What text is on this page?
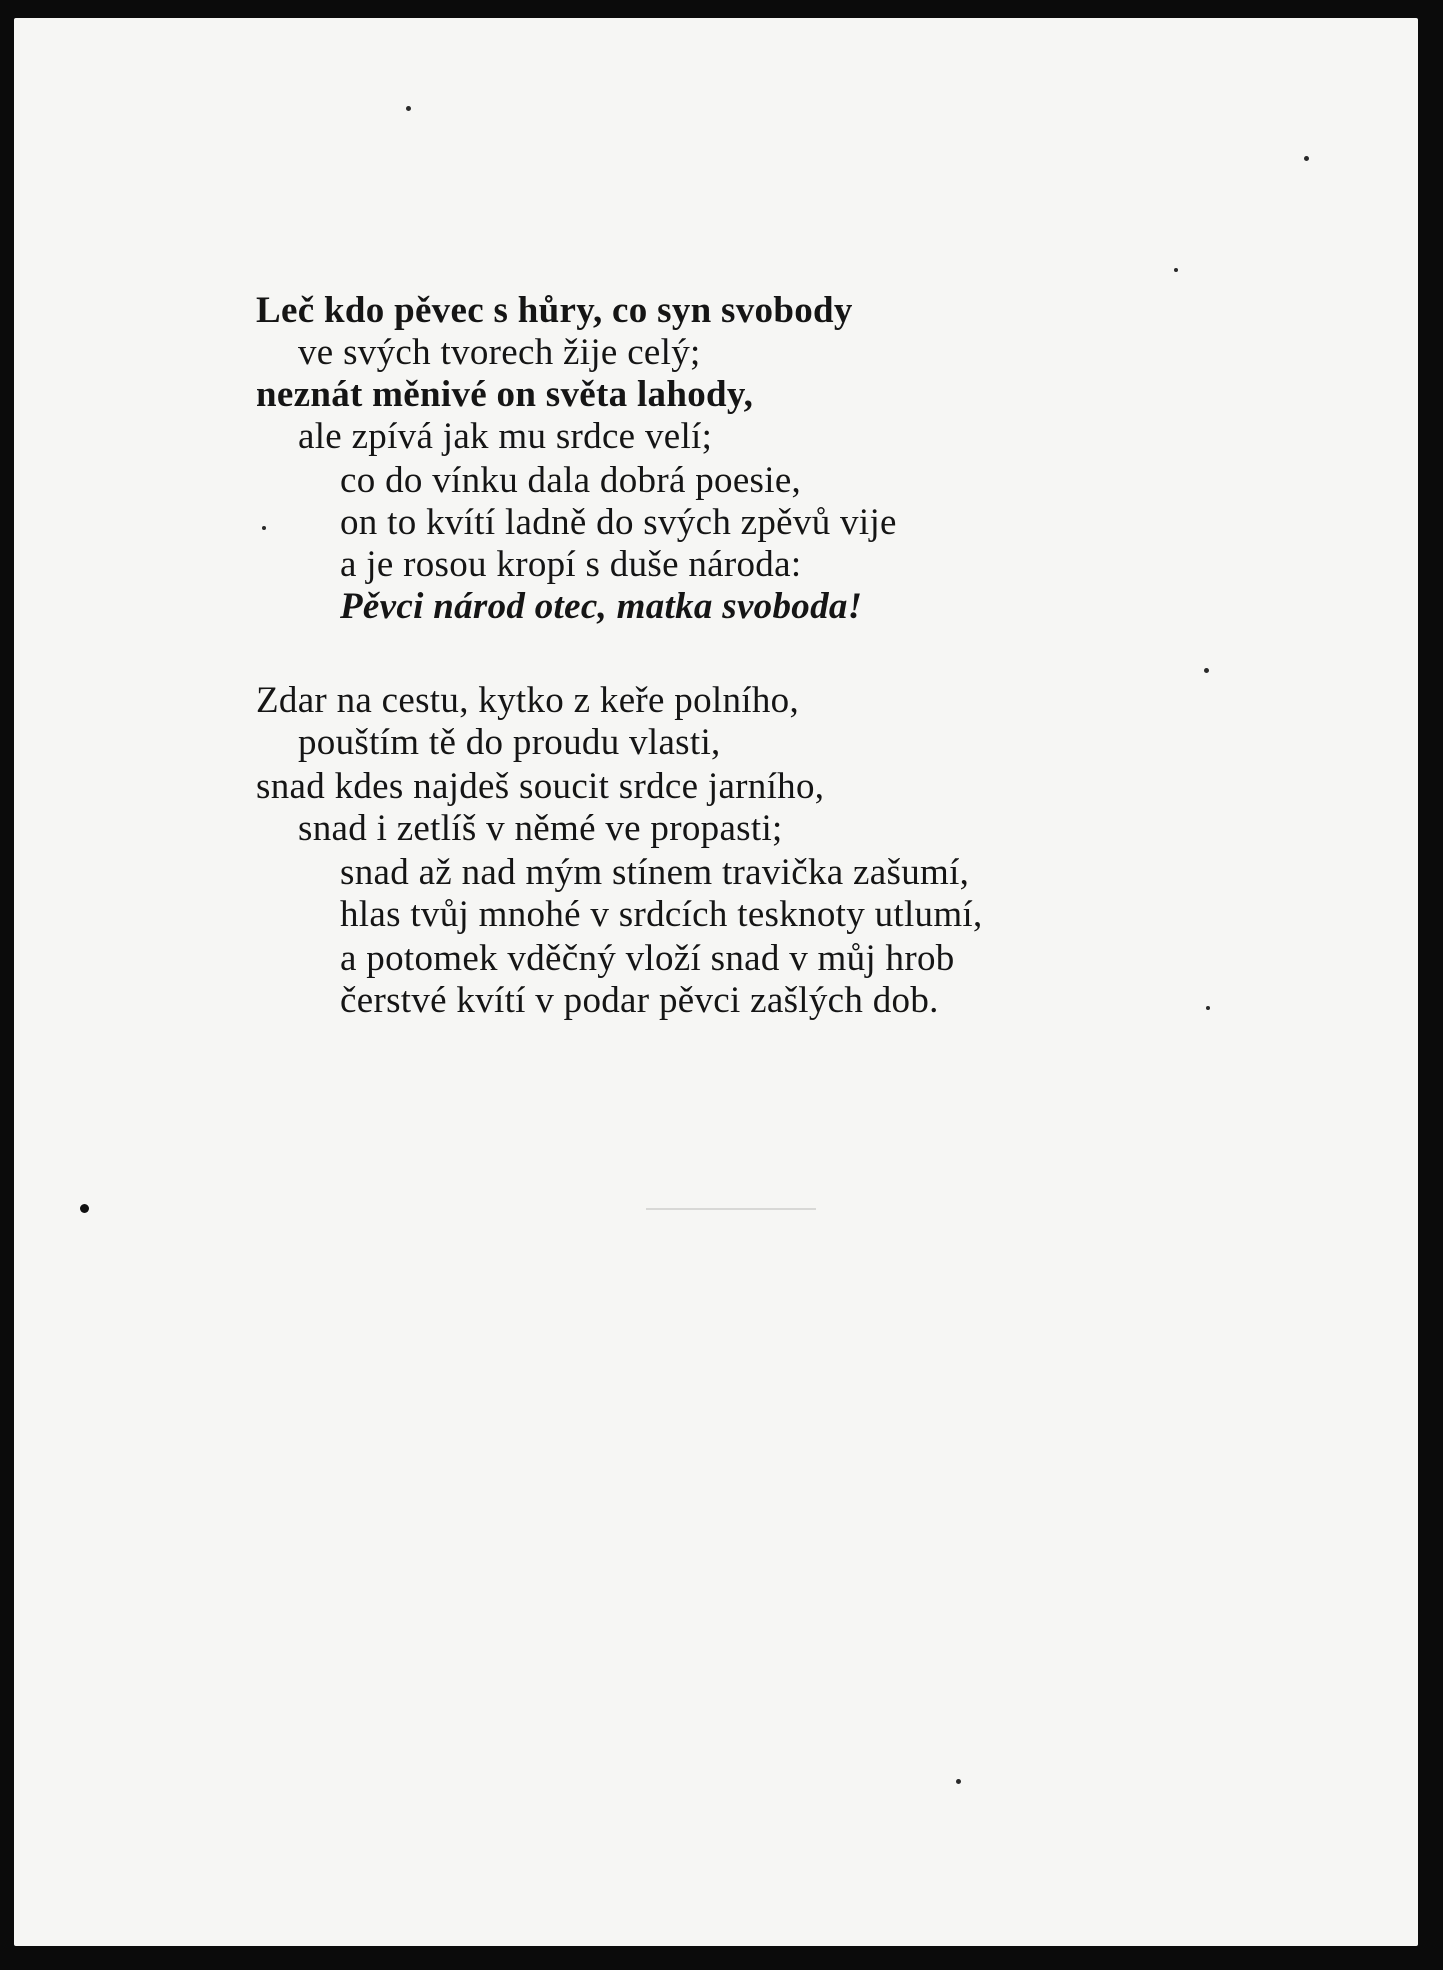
Leč kdo pěvec s hůry, co syn svobody
ve svých tvorech žije celý;
neznát měnivé on světa lahody,
ale zpívá jak mu srdce velí;
co do vínku dala dobrá poesie,
on to kvítí ladně do svých zpěvů vije
a je rosou kropí s duše národa:
Pěvci národ otec, matka svoboda!
Zdar na cestu, kytko z keře polního,
pouštím tě do proudu vlasti,
snad kdes najdeš soucit srdce jarního,
snad i zetlíš v němé ve propasti;
snad až nad mým stínem travička zašumí,
hlas tvůj mnohé v srdcích tesknoty utlumí,
a potomek vděčný vloží snad v můj hrob
čerstvé kvítí v podar pěvci zašlých dob.
